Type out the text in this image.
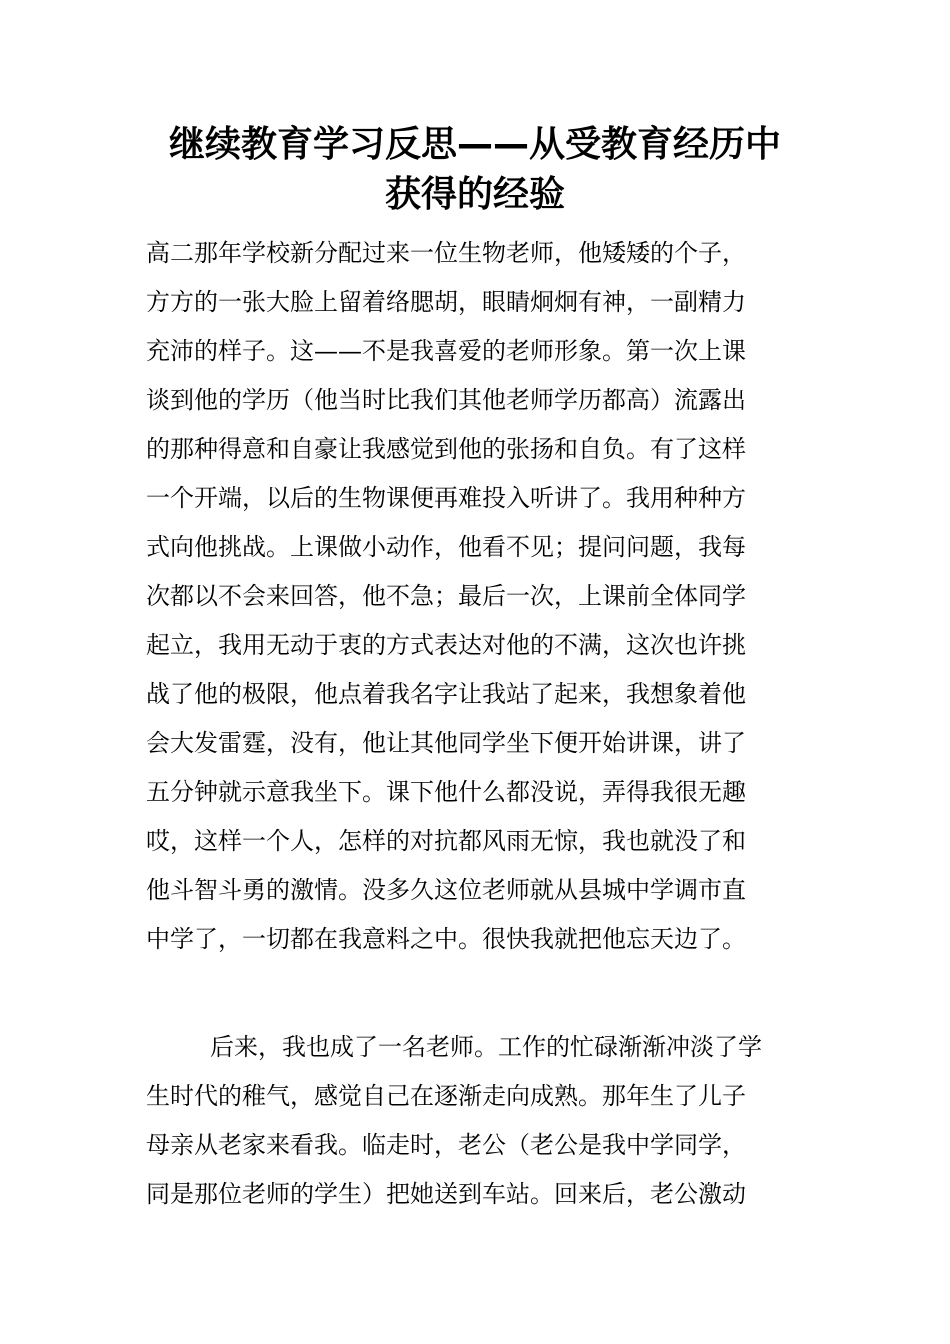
继续教育学习反思——从受教育经历中
获得的经验
高二那年学校新分配过来一位生物老师，他矮矮的个子，
方方的一张大脸上留着络腮胡，眼睛炯炯有神，一副精力
充沛的样子。这——不是我喜爱的老师形象。第一次上课
谈到他的学历（他当时比我们其他老师学历都高）流露出
的那种得意和自豪让我感觉到他的张扬和自负。有了这样
一个开端，以后的生物课便再难投入听讲了。我用种种方
式向他挑战。上课做小动作，他看不见；提问问题，我每
次都以不会来回答，他不急；最后一次，上课前全体同学
起立，我用无动于衷的方式表达对他的不满，这次也许挑
战了他的极限，他点着我名字让我站了起来，我想象着他
会大发雷霆，没有，他让其他同学坐下便开始讲课，讲了
五分钟就示意我坐下。课下他什么都没说，弄得我很无趣
哎，这样一个人，怎样的对抗都风雨无惊，我也就没了和
他斗智斗勇的激情。没多久这位老师就从县城中学调市直
中学了，一切都在我意料之中。很快我就把他忘天边了。
后来，我也成了一名老师。工作的忙碌渐渐冲淡了学
生时代的稚气，感觉自己在逐渐走向成熟。那年生了儿子
母亲从老家来看我。临走时，老公（老公是我中学同学，
同是那位老师的学生）把她送到车站。回来后，老公激动
